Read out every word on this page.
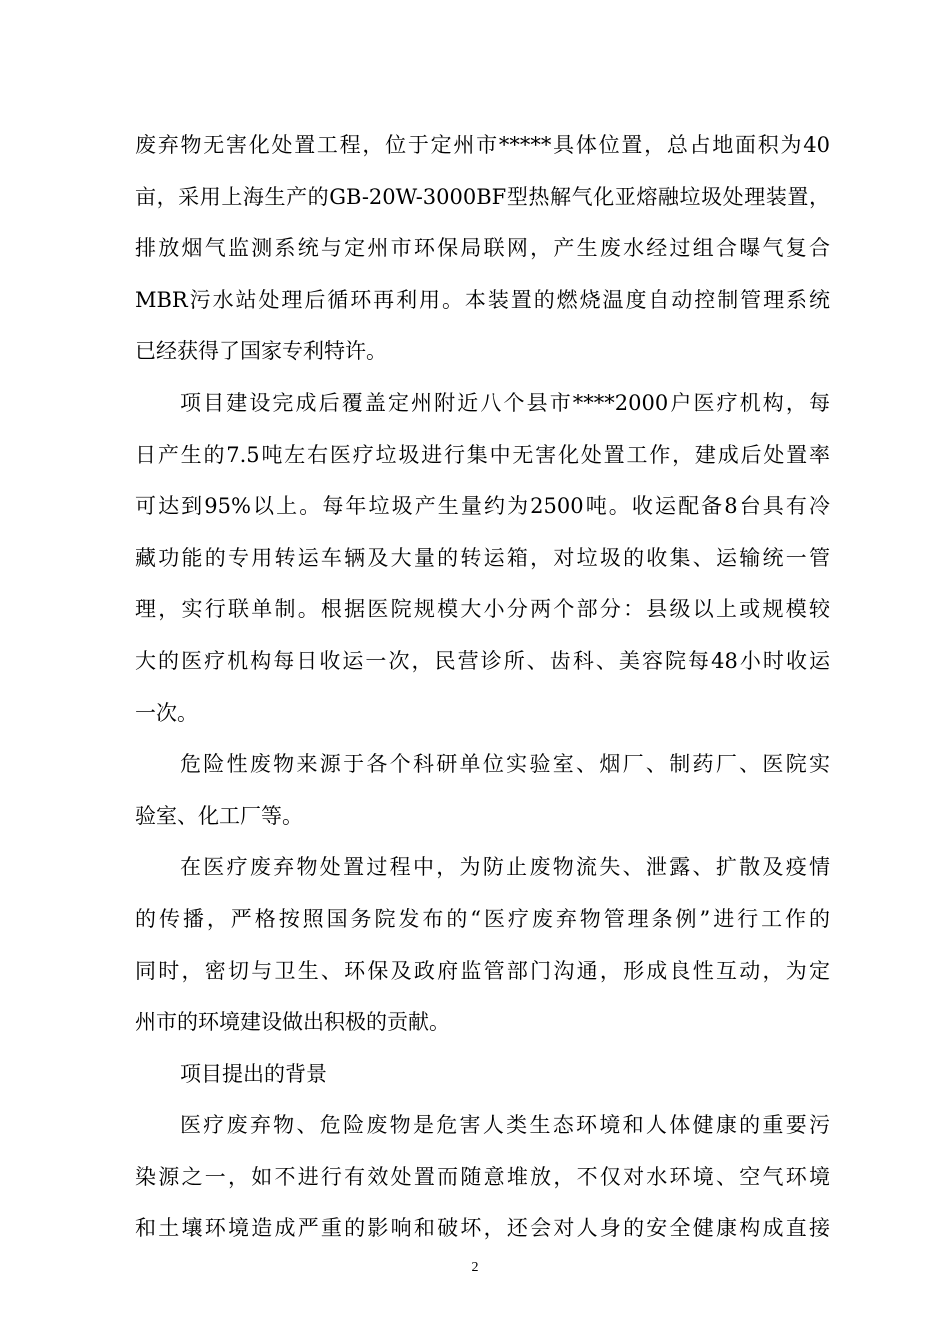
废弃物无害化处置工程，位于定州市*****具体位置，总占地面积为40
亩，采用上海生产的GB-20W-3000BF型热解气化亚熔融垃圾处理装置，
排放烟气监测系统与定州市环保局联网，产生废水经过组合曝气复合
MBR污水站处理后循环再利用。本装置的燃烧温度自动控制管理系统
已经获得了国家专利特许。
项目建设完成后覆盖定州附近八个县市****2000户医疗机构，每
日产生的7.5吨左右医疗垃圾进行集中无害化处置工作，建成后处置率
可达到95%以上。每年垃圾产生量约为2500吨。收运配备8台具有冷
藏功能的专用转运车辆及大量的转运箱，对垃圾的收集、运输统一管
理，实行联单制。根据医院规模大小分两个部分：县级以上或规模较
大的医疗机构每日收运一次，民营诊所、齿科、美容院每48小时收运
一次。
危险性废物来源于各个科研单位实验室、烟厂、制药厂、医院实
验室、化工厂等。
在医疗废弃物处置过程中，为防止废物流失、泄露、扩散及疫情
的传播，严格按照国务院发布的“医疗废弃物管理条例”进行工作的
同时，密切与卫生、环保及政府监管部门沟通，形成良性互动，为定
州市的环境建设做出积极的贡献。
项目提出的背景
医疗废弃物、危险废物是危害人类生态环境和人体健康的重要污
染源之一，如不进行有效处置而随意堆放，不仅对水环境、空气环境
和土壤环境造成严重的影响和破坏，还会对人身的安全健康构成直接
2
